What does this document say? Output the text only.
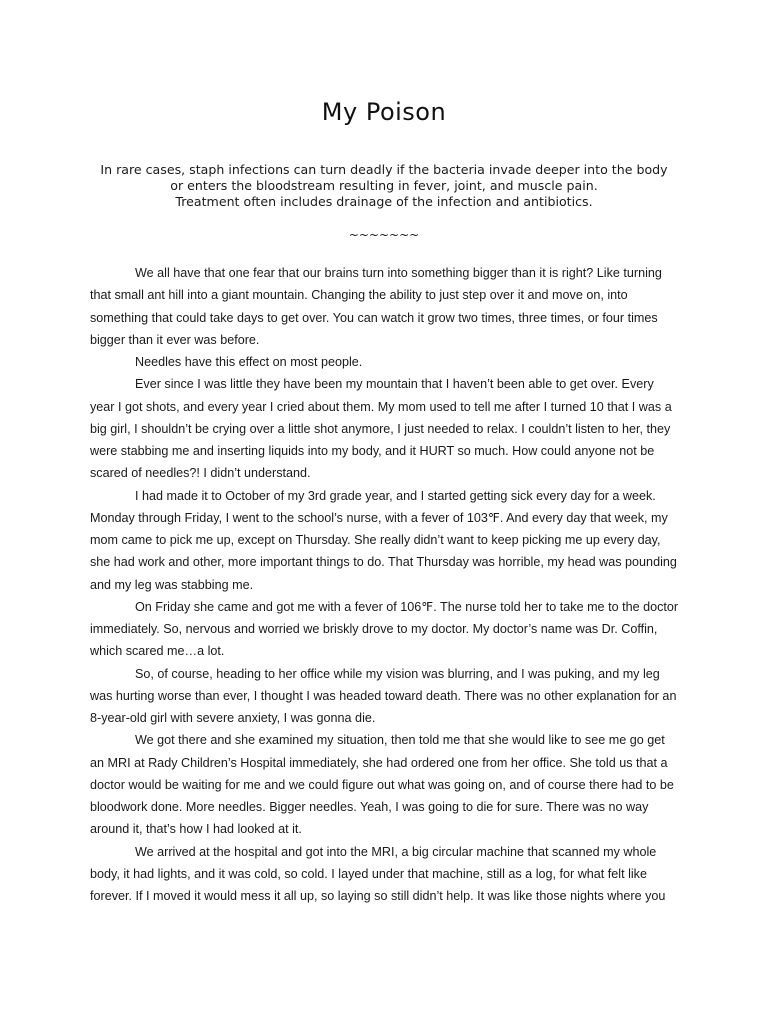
My Poison
In rare cases, staph infections can turn deadly if the bacteria invade deeper into the body
or enters the bloodstream resulting in fever, joint, and muscle pain.
Treatment often includes drainage of the infection and antibiotics.
~~~~~~~
We all have that one fear that our brains turn into something bigger than it is right? Like turning
that small ant hill into a giant mountain. Changing the ability to just step over it and move on, into
something that could take days to get over. You can watch it grow two times, three times, or four times
bigger than it ever was before.
Needles have this effect on most people.
Ever since I was little they have been my mountain that I haven’t been able to get over. Every
year I got shots, and every year I cried about them. My mom used to tell me after I turned 10 that I was a
big girl, I shouldn’t be crying over a little shot anymore, I just needed to relax. I couldn’t listen to her, they
were stabbing me and inserting liquids into my body, and it HURT so much. How could anyone not be
scared of needles?! I didn’t understand.
I had made it to October of my 3rd grade year, and I started getting sick every day for a week.
Monday through Friday, I went to the school’s nurse, with a fever of 103℉. And every day that week, my
mom came to pick me up, except on Thursday. She really didn’t want to keep picking me up every day,
she had work and other, more important things to do. That Thursday was horrible, my head was pounding
and my leg was stabbing me.
On Friday she came and got me with a fever of 106℉. The nurse told her to take me to the doctor
immediately. So, nervous and worried we briskly drove to my doctor. My doctor’s name was Dr. Coffin,
which scared me…a lot.
So, of course, heading to her office while my vision was blurring, and I was puking, and my leg
was hurting worse than ever, I thought I was headed toward death. There was no other explanation for an
8-year-old girl with severe anxiety, I was gonna die.
We got there and she examined my situation, then told me that she would like to see me go get
an MRI at Rady Children’s Hospital immediately, she had ordered one from her office. She told us that a
doctor would be waiting for me and we could figure out what was going on, and of course there had to be
bloodwork done. More needles. Bigger needles. Yeah, I was going to die for sure. There was no way
around it, that’s how I had looked at it.
We arrived at the hospital and got into the MRI, a big circular machine that scanned my whole
body, it had lights, and it was cold, so cold. I layed under that machine, still as a log, for what felt like
forever. If I moved it would mess it all up, so laying so still didn’t help. It was like those nights where you
